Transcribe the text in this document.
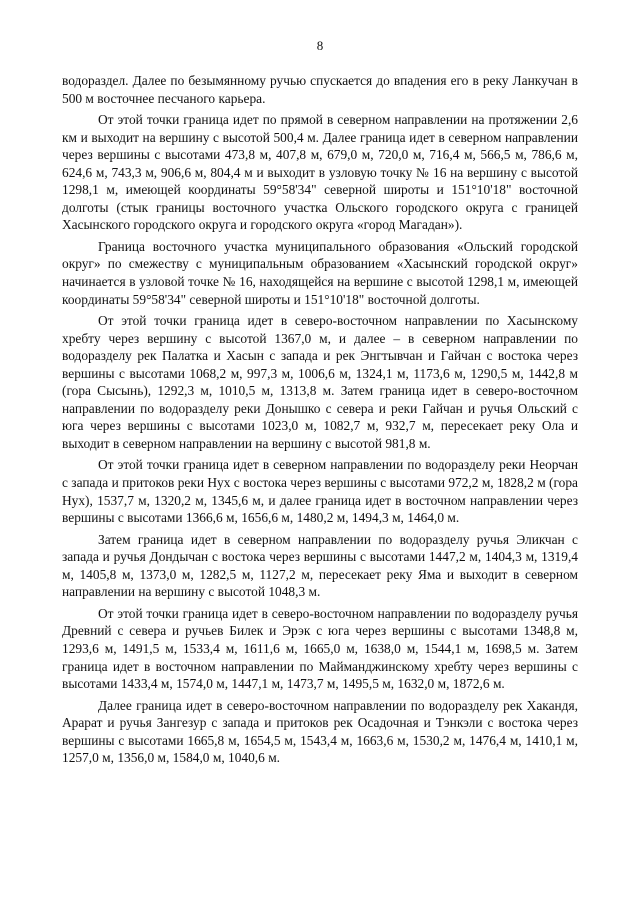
8

водораздел. Далее по безымянному ручью спускается до впадения его в реку Ланкучан в 500 м восточнее песчаного карьера.

От этой точки граница идет по прямой в северном направлении на протяжении 2,6 км и выходит на вершину с высотой 500,4 м. Далее граница идет в северном направлении через вершины с высотами 473,8 м, 407,8 м, 679,0 м, 720,0 м, 716,4 м, 566,5 м, 786,6 м, 624,6 м, 743,3 м, 906,6 м, 804,4 м и выходит в узловую точку № 16 на вершину с высотой 1298,1 м, имеющей координаты 59°58'34" северной широты и 151°10'18" восточной долготы (стык границы восточного участка Ольского городского округа с границей Хасынского городского округа и городского округа «город Магадан»).

Граница восточного участка муниципального образования «Ольский городской округ» по смежеству с муниципальным образованием «Хасынский городской округ» начинается в узловой точке № 16, находящейся на вершине с высотой 1298,1 м, имеющей координаты 59°58'34" северной широты и 151°10'18" восточной долготы.

От этой точки граница идет в северо-восточном направлении по Хасынскому хребту через вершину с высотой 1367,0 м, и далее – в северном направлении по водоразделу рек Палатка и Хасын с запада и рек Энгтывчан и Гайчан с востока через вершины с высотами 1068,2 м, 997,3 м, 1006,6 м, 1324,1 м, 1173,6 м, 1290,5 м, 1442,8 м (гора Сысынь), 1292,3 м, 1010,5 м, 1313,8 м. Затем граница идет в северо-восточном направлении по водоразделу реки Донышко с севера и реки Гайчан и ручья Ольский с юга через вершины с высотами 1023,0 м, 1082,7 м, 932,7 м, пересекает реку Ола и выходит в северном направлении на вершину с высотой 981,8 м.

От этой точки граница идет в северном направлении по водоразделу реки Неорчан с запада и притоков реки Нух с востока через вершины с высотами 972,2 м, 1828,2 м (гора Нух), 1537,7 м, 1320,2 м, 1345,6 м, и далее граница идет в восточном направлении через вершины с высотами 1366,6 м, 1656,6 м, 1480,2 м, 1494,3 м, 1464,0 м.

Затем граница идет в северном направлении по водоразделу ручья Эликчан с запада и ручья Дондычан с востока через вершины с высотами 1447,2 м, 1404,3 м, 1319,4 м, 1405,8 м, 1373,0 м, 1282,5 м, 1127,2 м, пересекает реку Яма и выходит в северном направлении на вершину с высотой 1048,3 м.

От этой точки граница идет в северо-восточном направлении по водоразделу ручья Древний с севера и ручьев Билек и Эрэк с юга через вершины с высотами 1348,8 м, 1293,6 м, 1491,5 м, 1533,4 м, 1611,6 м, 1665,0 м, 1638,0 м, 1544,1 м, 1698,5 м. Затем граница идет в восточном направлении по Майманджинскому хребту через вершины с высотами 1433,4 м, 1574,0 м, 1447,1 м, 1473,7 м, 1495,5 м, 1632,0 м, 1872,6 м.

Далее граница идет в северо-восточном направлении по водоразделу рек Хакандя, Арарат и ручья Зангезур с запада и притоков рек Осадочная и Тэнкэли с востока через вершины с высотами 1665,8 м, 1654,5 м, 1543,4 м, 1663,6 м, 1530,2 м, 1476,4 м, 1410,1 м, 1257,0 м, 1356,0 м, 1584,0 м, 1040,6 м.
